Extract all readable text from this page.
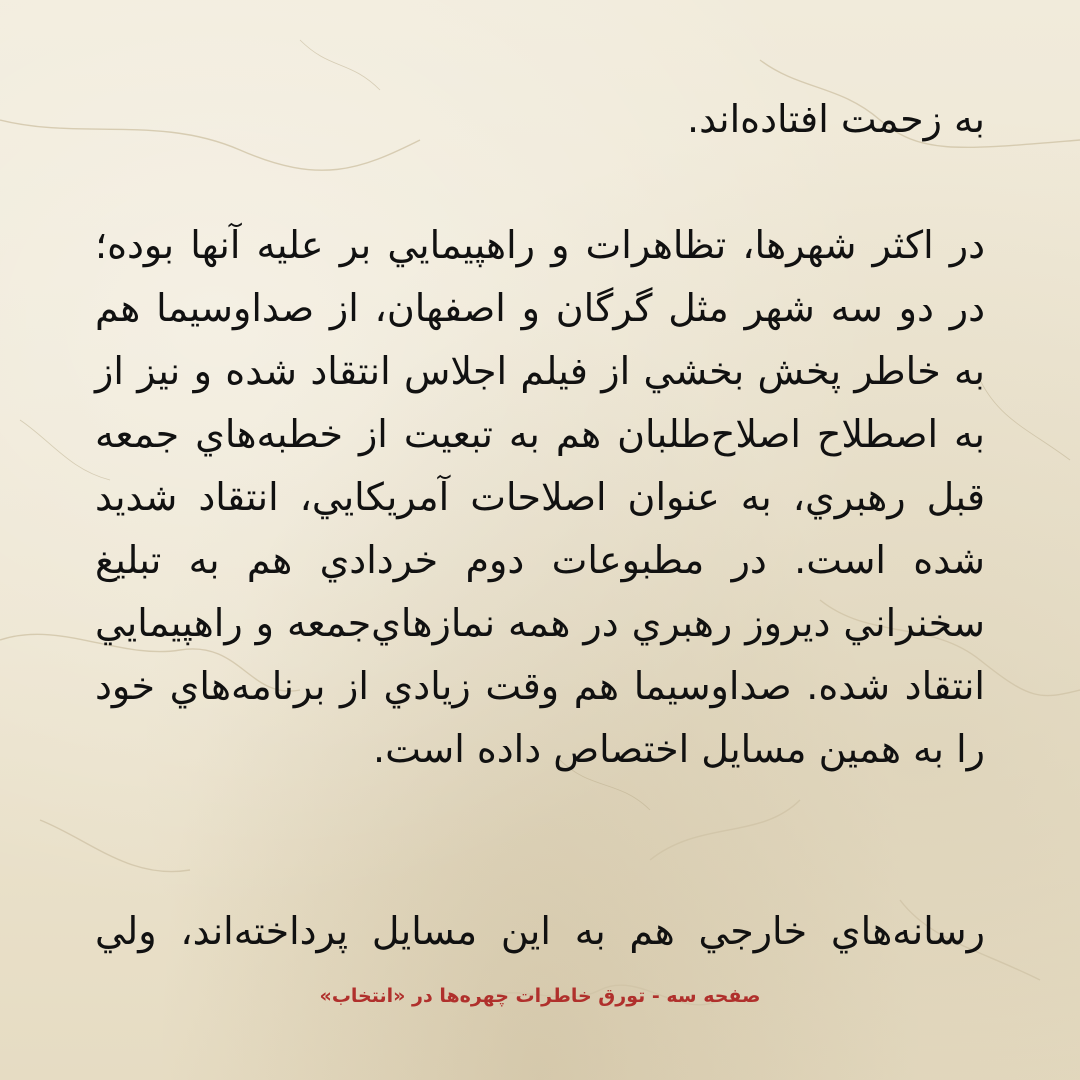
به زحمت افتاده‌اند.
در اكثر شهرها، تظاهرات و راهپيمايي بر عليه آنها بوده؛ در دو سه شهر مثل گرگان و اصفهان، از صداوسيما هم به خاطر پخش بخشي از فيلم اجلاس انتقاد شده و نيز از به اصطلاح اصلاح‌طلبان هم به تبعيت از خطبه‌هاي جمعه قبل رهبري، به عنوان اصلاحات آمريكايي، انتقاد شديد شده است. در مطبوعات دوم خردادي هم به تبليغ سخنراني ديروز رهبري در همه نمازهاي‌جمعه و راهپيمايي انتقاد شده. صداوسيما هم وقت زيادي از برنامه‌هاي خود را به همين مسايل اختصاص داده است.
رسانه‌هاي خارجي هم به اين مسايل پرداخته‌اند، ولي
صفحه سه - تورق خاطرات چهره‌ها در «انتخاب»
